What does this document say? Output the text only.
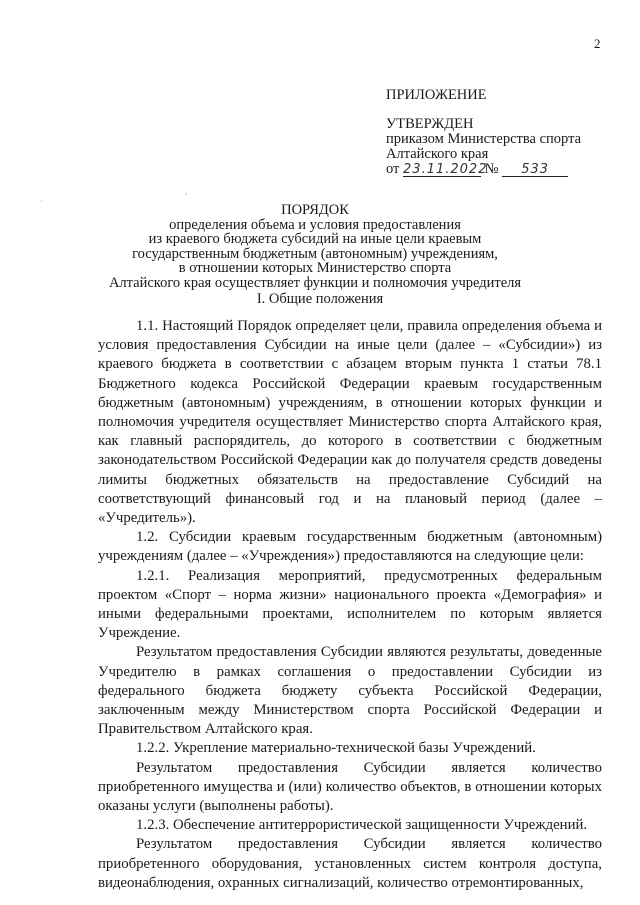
2
ПРИЛОЖЕНИЕ
УТВЕРЖДЕН
приказом Министерства спорта
Алтайского края
от 23.11.2022 № 533
,
·
ПОРЯДОК
определения объема и условия предоставления
из краевого бюджета субсидий на иные цели краевым
государственным бюджетным (автономным) учреждениям,
в отношении которых Министерство спорта
Алтайского края осуществляет функции и полномочия учредителя
I. Общие положения

1.1. Настоящий Порядок определяет цели, правила определения объема и условия предоставления Субсидии на иные цели (далее – «Субсидии») из краевого бюджета в соответствии с абзацем вторым пункта 1 статьи 78.1 Бюджетного кодекса Российской Федерации краевым государственным бюджетным (автономным) учреждениям, в отношении которых функции и полномочия учредителя осуществляет Министерство спорта Алтайского края, как главный распорядитель, до которого в соответствии с бюджетным законодательством Российской Федерации как до получателя средств доведены лимиты бюджетных обязательств на предоставление Субсидий на соответствующий финансовый год и на плановый период (далее – «Учредитель»).

1.2. Субсидии краевым государственным бюджетным (автономным) учреждениям (далее – «Учреждения») предоставляются на следующие цели:

1.2.1. Реализация мероприятий, предусмотренных федеральным проектом «Спорт – норма жизни» национального проекта «Демография» и иными федеральными проектами, исполнителем по которым является Учреждение.

Результатом предоставления Субсидии являются результаты, доведенные Учредителю в рамках соглашения о предоставлении Субсидии из федерального бюджета бюджету субъекта Российской Федерации, заключенным между Министерством спорта Российской Федерации и Правительством Алтайского края.

1.2.2. Укрепление материально-технической базы Учреждений.

Результатом предоставления Субсидии является количество приобретенного имущества и (или) количество объектов, в отношении которых оказаны услуги (выполнены работы).

1.2.3. Обеспечение антитеррористической защищенности Учреждений.

Результатом предоставления Субсидии является количество приобретенного оборудования, установленных систем контроля доступа, видеонаблюдения, охранных сигнализаций, количество отремонтированных,
